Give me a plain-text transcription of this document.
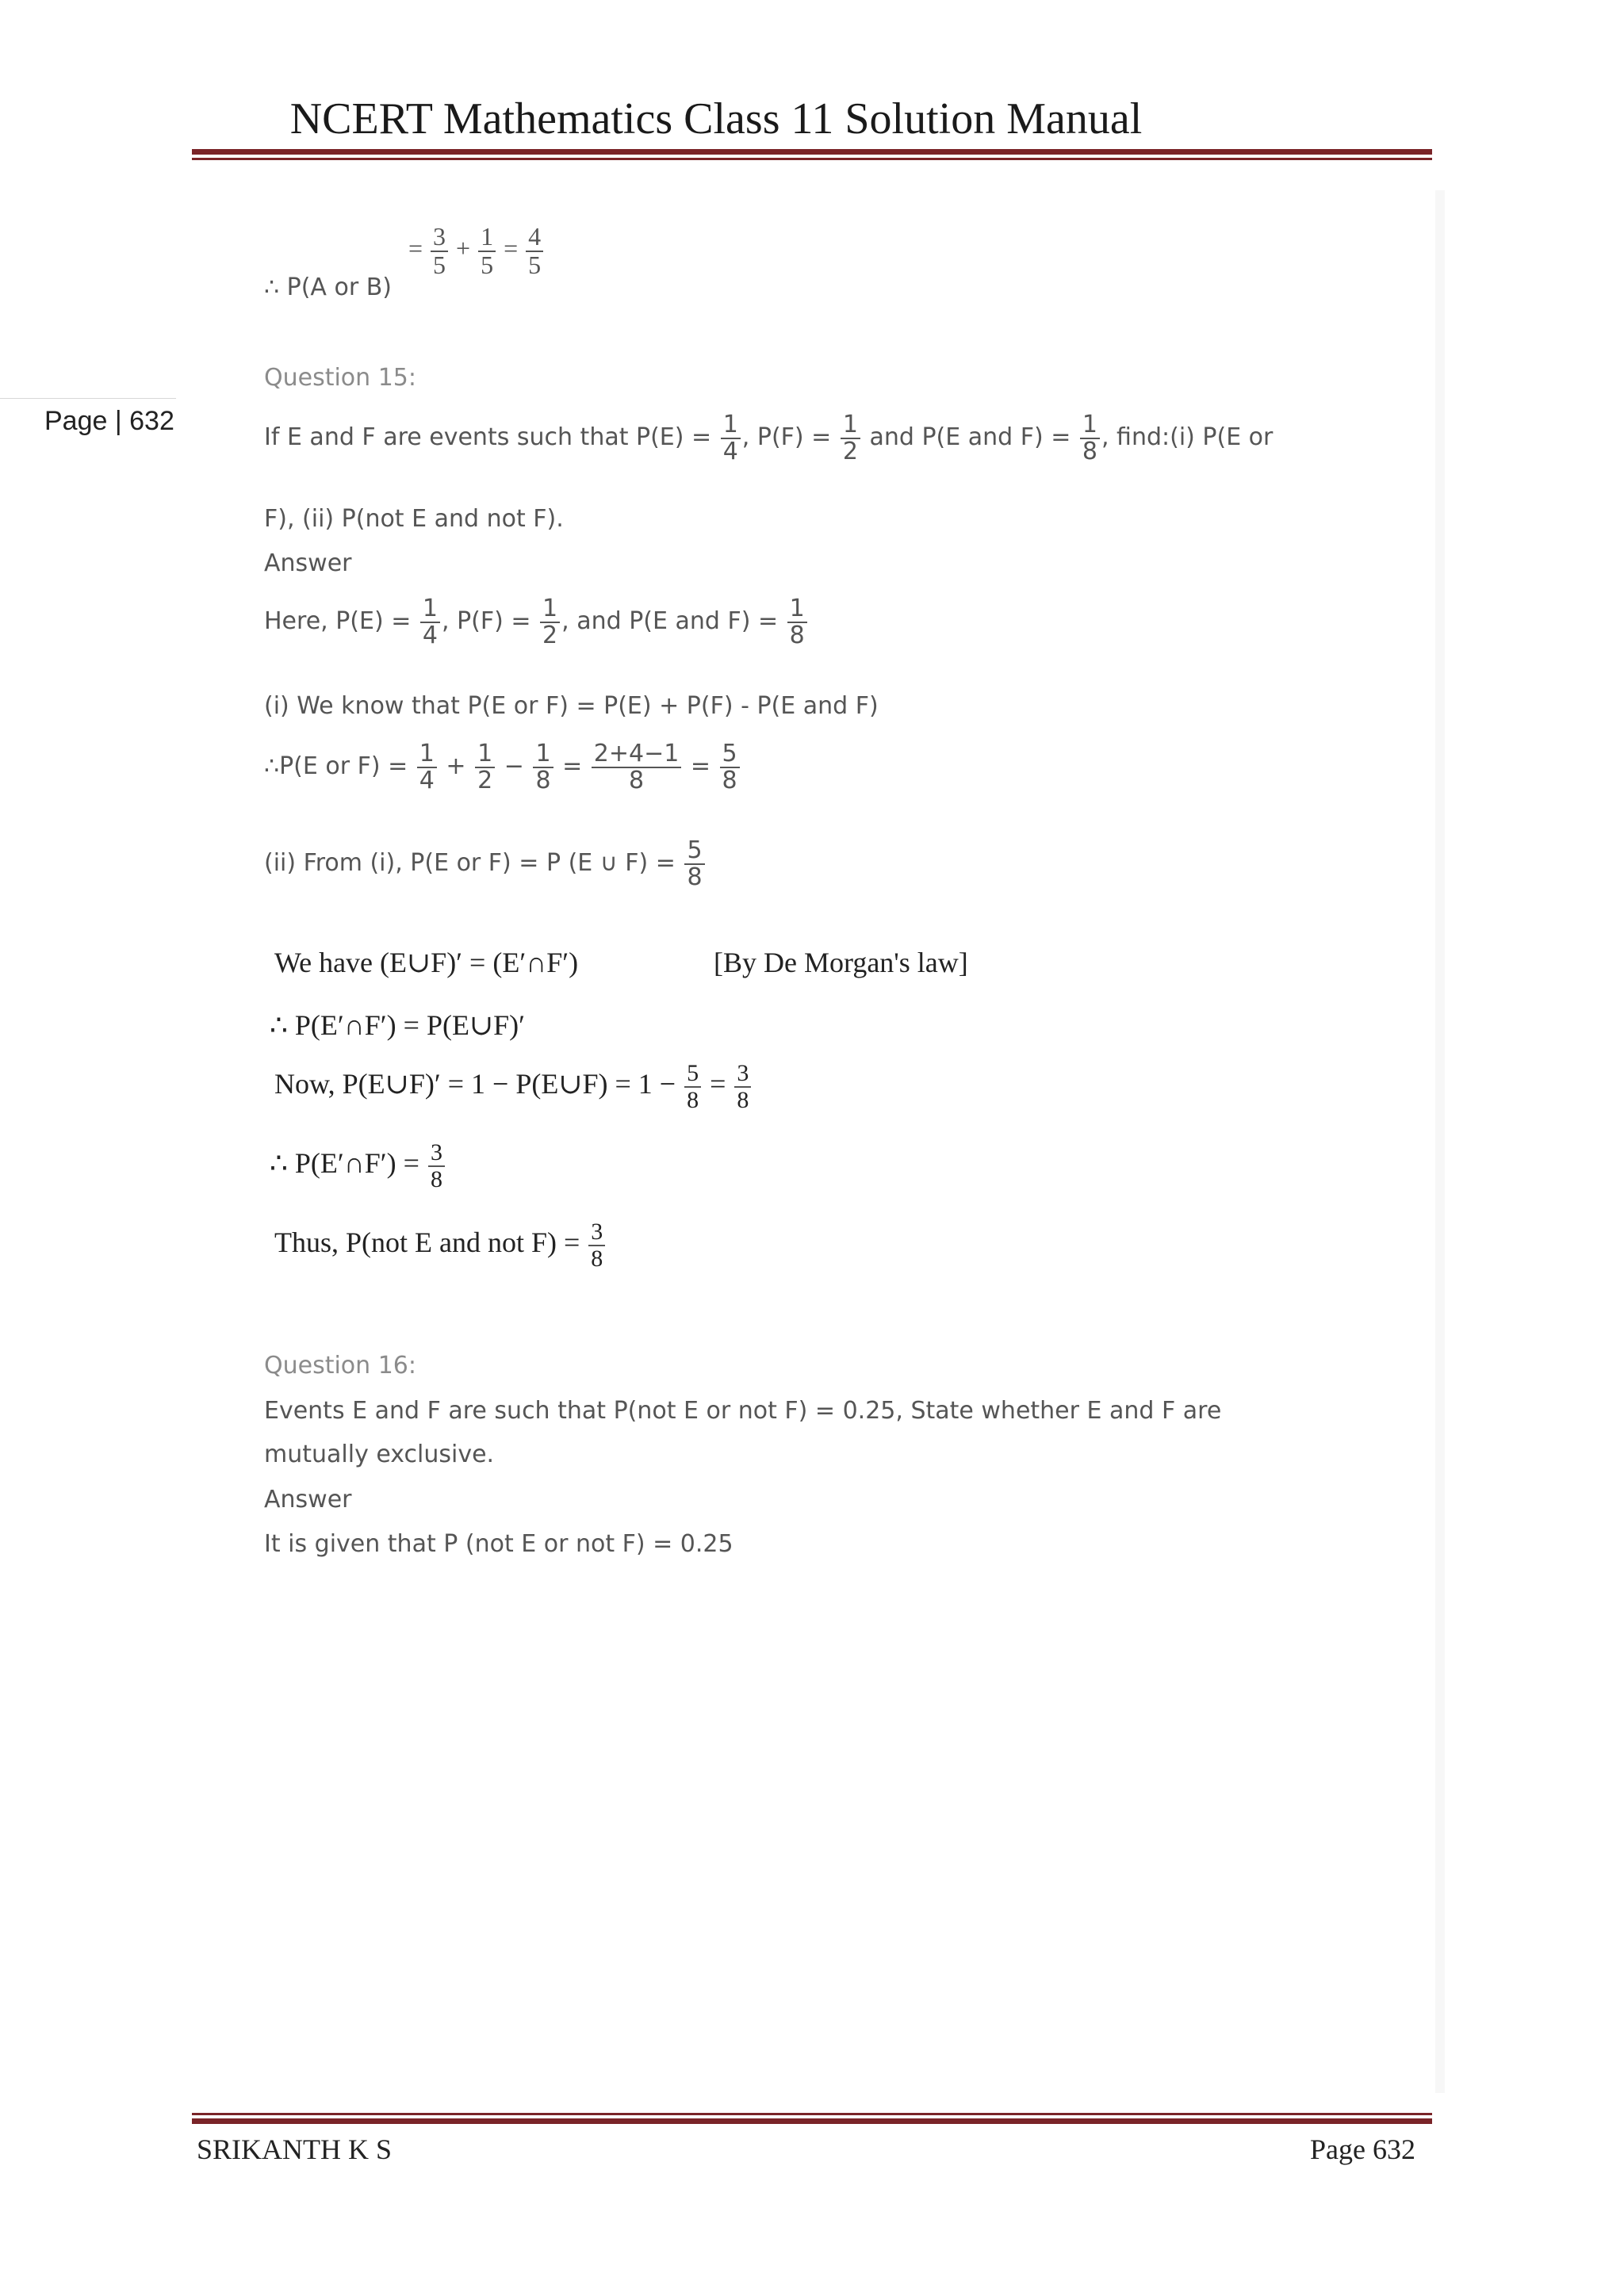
NCERT Mathematics Class 11 Solution Manual
Page | 632
∴ P(A or B)
= $\frac{3}{5} + \frac{1}{5} = \frac{4}{5}$
Question 15:
If E and F are events such that $P(E) = \frac{1}{4}$ , $P(F) = \frac{1}{2}$ and P(E and $F) = \frac{1}{8}$ , find:(i) P(E or
F), (ii) P(not E and not F).
Answer
Here, $P(E) = \frac{1}{4}$ , $P(F) = \frac{1}{2}$ , and P(E and $F) = \frac{1}{8}$
(i) We know that P(E or F) = P(E) + P(F) - P(E and F)
∴P(E or $F) = \frac{1}{4} + \frac{1}{2} - \frac{1}{8} = \frac{2+4-1}{8} = \frac{5}{8}$
(ii) From (i), P(E or F) = P (E ∪ $F) = \frac{5}{8}$
We have (E∪F)′ = (E′∩F′)	[By De Morgan's law]
∴ P(E′∩F′) = P(E∪F)′
Now, P(E∪F)′ = 1 − P(E∪F) = $1 - \frac{5}{8} = \frac{3}{8}$
∴ P(E′∩F′) = $\frac{3}{8}$
Thus, P(not E and not $F) = \frac{3}{8}$
Question 16:
Events E and F are such that P(not E or not F) = 0.25, State whether E and F are
mutually exclusive.
Answer
It is given that P (not E or not F) = 0.25
SRIKANTH K S	Page 632
